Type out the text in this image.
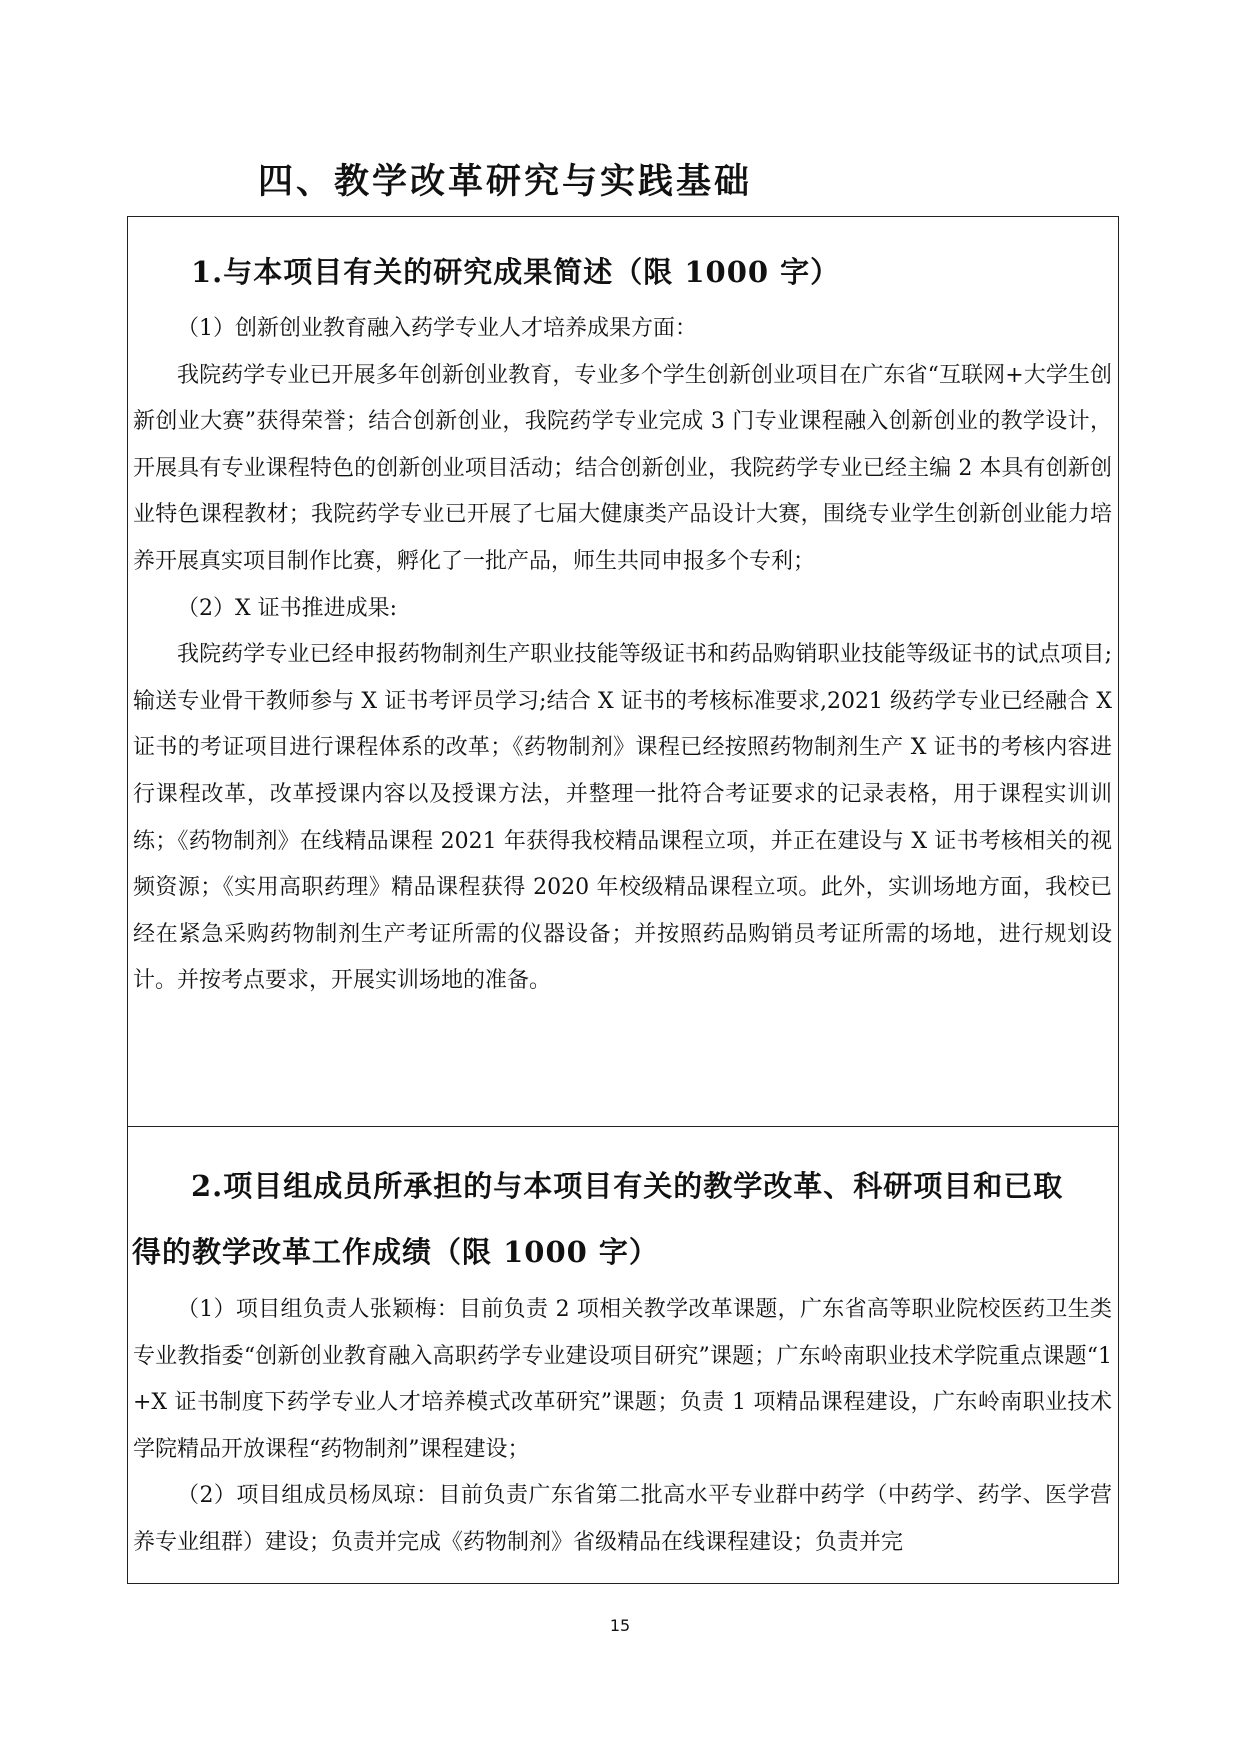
四、教学改革研究与实践基础
1.与本项目有关的研究成果简述（限 1000 字）

（1）创新创业教育融入药学专业人才培养成果方面：

我院药学专业已开展多年创新创业教育，专业多个学生创新创业项目在广东省“互联网+大学生创新创业大赛”获得荣誉；结合创新创业，我院药学专业完成 3 门专业课程融入创新创业的教学设计，开展具有专业课程特色的创新创业项目活动；结合创新创业，我院药学专业已经主编 2 本具有创新创业特色课程教材；我院药学专业已开展了七届大健康类产品设计大赛，围绕专业学生创新创业能力培养开展真实项目制作比赛，孵化了一批产品，师生共同申报多个专利；

（2）X 证书推进成果:

我院药学专业已经申报药物制剂生产职业技能等级证书和药品购销职业技能等级证书的试点项目;输送专业骨干教师参与 X 证书考评员学习;结合 X 证书的考核标准要求,2021 级药学专业已经融合 X 证书的考证项目进行课程体系的改革；《药物制剂》课程已经按照药物制剂生产 X 证书的考核内容进行课程改革，改革授课内容以及授课方法，并整理一批符合考证要求的记录表格，用于课程实训训练；《药物制剂》在线精品课程 2021 年获得我校精品课程立项，并正在建设与 X 证书考核相关的视频资源；《实用高职药理》精品课程获得 2020 年校级精品课程立项。此外，实训场地方面，我校已经在紧急采购药物制剂生产考证所需的仪器设备；并按照药品购销员考证所需的场地，进行规划设计。并按考点要求，开展实训场地的准备。

2.项目组成员所承担的与本项目有关的教学改革、科研项目和已取
得的教学改革工作成绩（限 1000 字）

（1）项目组负责人张颖梅：目前负责 2 项相关教学改革课题，广东省高等职业院校医药卫生类专业教指委“创新创业教育融入高职药学专业建设项目研究”课题；广东岭南职业技术学院重点课题“1+X 证书制度下药学专业人才培养模式改革研究”课题；负责 1 项精品课程建设，广东岭南职业技术学院精品开放课程“药物制剂”课程建设；

（2）项目组成员杨凤琼：目前负责广东省第二批高水平专业群中药学（中药学、药学、医学营养专业组群）建设；负责并完成《药物制剂》省级精品在线课程建设；负责并完

15
